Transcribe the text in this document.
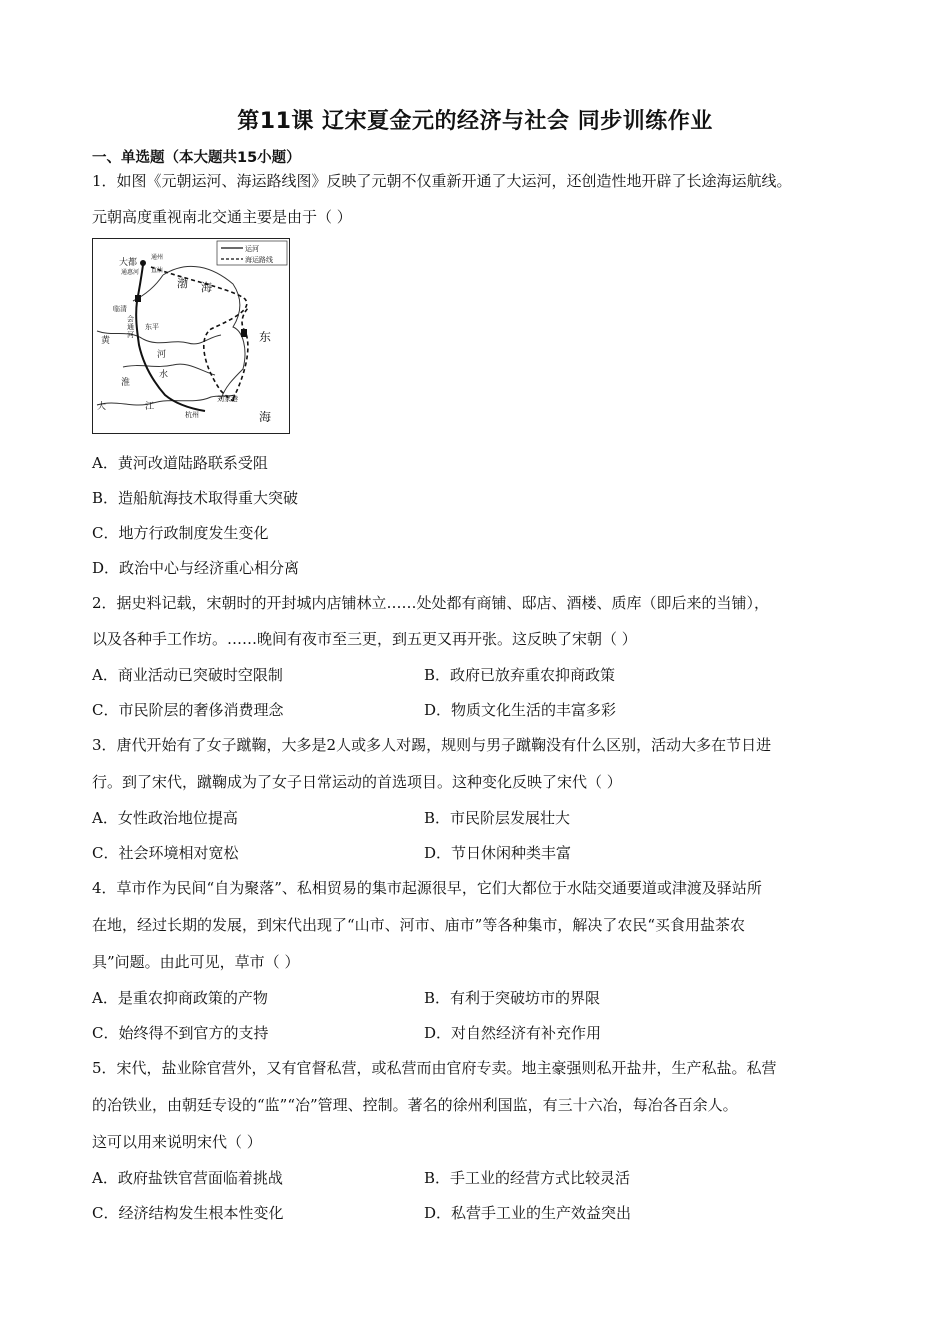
第11课 辽宋夏金元的经济与社会 同步训练作业
一、单选题（本大题共15小题）
1．如图《元朝运河、海运路线图》反映了元朝不仅重新开通了大运河，还创造性地开辟了长途海运航线。
元朝高度重视南北交通主要是由于（ ）
运河
海运路线
大都
通州
通惠河 直沽
渤 海
临清
会
通
河
东平
黄
河
水
淮
大	江
杭州
刘家港
东
海
A．黄河改道陆路联系受阻
B．造船航海技术取得重大突破
C．地方行政制度发生变化
D．政治中心与经济重心相分离
2．据史料记载，宋朝时的开封城内店铺林立……处处都有商铺、邸店、酒楼、质库（即后来的当铺），
以及各种手工作坊。……晚间有夜市至三更，到五更又再开张。这反映了宋朝（ ）
A．商业活动已突破时空限制	B．政府已放弃重农抑商政策
C．市民阶层的奢侈消费理念	D．物质文化生活的丰富多彩
3．唐代开始有了女子蹴鞠，大多是2人或多人对踢，规则与男子蹴鞠没有什么区别，活动大多在节日进
行。到了宋代，蹴鞠成为了女子日常运动的首选项目。这种变化反映了宋代（ ）
A．女性政治地位提高	B．市民阶层发展壮大
C．社会环境相对宽松	D．节日休闲种类丰富
4．草市作为民间“自为聚落”、私相贸易的集市起源很早，它们大都位于水陆交通要道或津渡及驿站所
在地，经过长期的发展，到宋代出现了“山市、河市、庙市”等各种集市，解决了农民“买食用盐茶农
具”问题。由此可见，草市（ ）
A．是重农抑商政策的产物	B．有利于突破坊市的界限
C．始终得不到官方的支持	D．对自然经济有补充作用
5．宋代，盐业除官营外，又有官督私营，或私营而由官府专卖。地主豪强则私开盐井，生产私盐。私营
的冶铁业，由朝廷专设的“监”“冶”管理、控制。著名的徐州利国监，有三十六冶，每冶各百余人。
这可以用来说明宋代（ ）
A．政府盐铁官营面临着挑战	B．手工业的经营方式比较灵活
C．经济结构发生根本性变化	D．私营手工业的生产效益突出
